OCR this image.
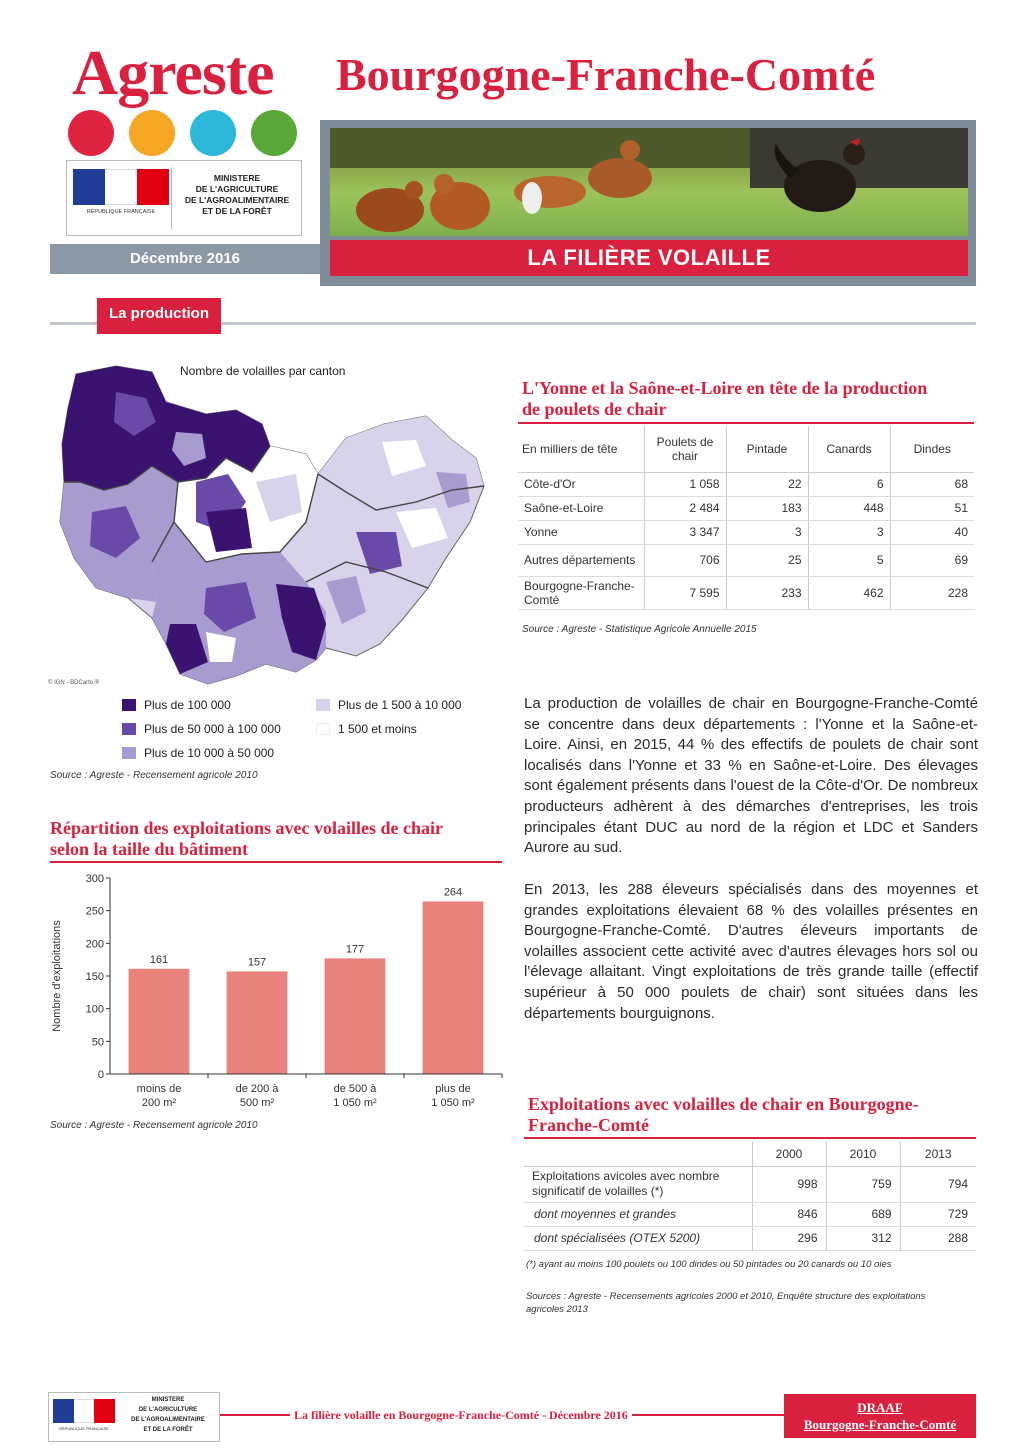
Agreste Bourgogne-Franche-Comté
RÉPUBLIQUE FRANÇAISE
MINISTERE
DE L'AGRICULTURE
DE L'AGROALIMENTAIRE
ET DE LA FORÊT
Décembre 2016	LA FILIÈRE VOLAILLE
La production
Nombre de volailles par canton
© IGN - BDCarto ®
Plus de 100 000
Plus de 50 000 à 100 000
Plus de 10 000 à 50 000
Plus de 1 500 à 10 000
1 500 et moins
Source : Agreste - Recensement agricole 2010
L'Yonne et la Saône-et-Loire en tête de la production de poulets de chair
En milliers de tête	Poulets de chair	Pintade	Canards	Dindes
Côte-d'Or	1 058	22	6	68
Saône-et-Loire	2 484	183	448	51
Yonne	3 347	3	3	40
Autres départements	706	25	5	69
Bourgogne-Franche-Comté	7 595	233	462	228
Source : Agreste - Statistique Agricole Annuelle 2015
La production de volailles de chair en Bourgogne-Franche-Comté se concentre dans deux départements : l'Yonne et la Saône-et-Loire. Ainsi, en 2015, 44 % des effectifs de poulets de chair sont localisés dans l'Yonne et 33 % en Saône-et-Loire. Des élevages sont également présents dans l'ouest de la Côte-d'Or. De nombreux producteurs adhèrent à des démarches d'entreprises, les trois principales étant DUC au nord de la région et LDC et Sanders Aurore au sud.
En 2013, les 288 éleveurs spécialisés dans des moyennes et grandes exploitations élevaient 68 % des volailles présentes en Bourgogne-Franche-Comté. D'autres éleveurs importants de volailles associent cette activité avec d'autres élevages hors sol ou l'élevage allaitant. Vingt exploitations de très grande taille (effectif supérieur à 50 000 poulets de chair) sont situées dans les départements bourguignons.
Répartition des exploitations avec volailles de chair selon la taille du bâtiment
0
50
100
150
200
250
300
161
moins de 200 m²
157
de 200 à 500 m²
177
de 500 à 1 050 m²
264
plus de 1 050 m²
Nombre d'exploitations
Source : Agreste - Recensement agricole 2010
Exploitations avec volailles de chair en Bourgogne-Franche-Comté
	2000	2010	2013
Exploitations avicoles avec nombre significatif de volailles (*)	998	759	794
dont moyennes et grandes	846	689	729
dont spécialisées (OTEX 5200)	296	312	288
(*) ayant au moins 100 poulets ou 100 dindes ou 50 pintades ou 20 canards ou 10 oies
Sources : Agreste - Recensements agricoles 2000 et 2010, Enquête structure des exploitations agricoles 2013
RÉPUBLIQUE FRANÇAISE
MINISTERE
DE L'AGRICULTURE
DE L'AGROALIMENTAIRE
ET DE LA FORÊT
La filière volaille en Bourgogne-Franche-Comté - Décembre 2016	DRAAF
Bourgogne-Franche-Comté
